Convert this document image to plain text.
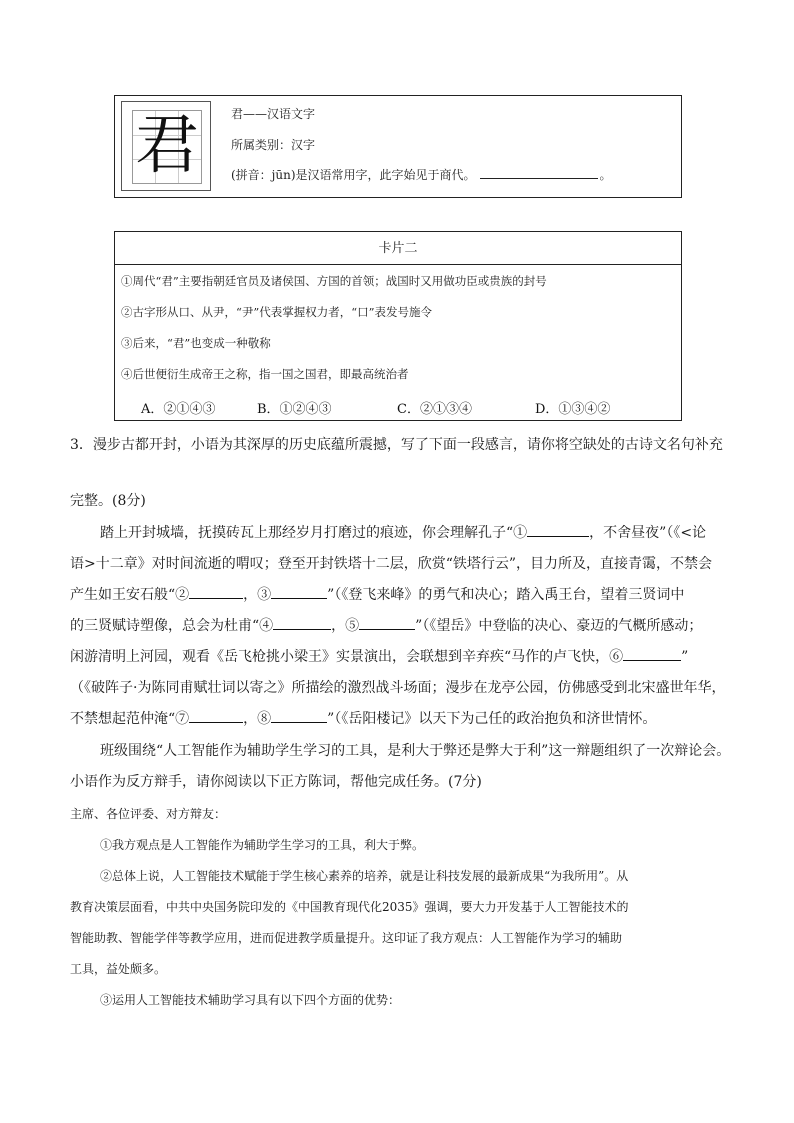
君	君——汉语文字
所属类别：汉字
(拼音：jūn)是汉语常用字，此字始见于商代。	。
卡片二
①周代“君”主要指朝廷官员及诸侯国、方国的首领；战国时又用做功臣或贵族的封号
②古字形从口、从尹，“尹”代表掌握权力者，“口”表发号施令
③后来，“君”也变成一种敬称
④后世便衍生成帝王之称，指一国之国君，即最高统治者
A．②①④③	B．①②④③	C．②①③④	D．①③④②
3．漫步古都开封，小语为其深厚的历史底蕴所震撼，写了下面一段感言，请你将空缺处的古诗文名句补充
完整。(8分)
踏上开封城墙，抚摸砖瓦上那经岁月打磨过的痕迹，你会理解孔子“①	，不舍昼夜”（《<论
语>十二章》对时间流逝的喟叹；登至开封铁塔十二层，欣赏“铁塔行云”，目力所及，直接青霭，不禁会
产生如王安石般“②	，③	”（《登飞来峰》的勇气和决心；踏入禹王台，望着三贤词中
的三贤赋诗塑像，总会为杜甫“④	，⑤	”（《望岳》中登临的决心、豪迈的气概所感动；
闲游清明上河园，观看《岳飞枪挑小梁王》实景演出，会联想到辛弃疾“马作的卢飞快，⑥	”
（《破阵子·为陈同甫赋壮词以寄之》所描绘的激烈战斗场面；漫步在龙亭公园，仿佛感受到北宋盛世年华，
不禁想起范仲淹“⑦	，⑧	”（《岳阳楼记》以天下为己任的政治抱负和济世情怀。
班级围绕“人工智能作为辅助学生学习的工具，是利大于弊还是弊大于利”这一辩题组织了一次辩论会。
小语作为反方辩手，请你阅读以下正方陈词，帮他完成任务。(7分)
主席、各位评委、对方辩友：
①我方观点是人工智能作为辅助学生学习的工具，利大于弊。
②总体上说，人工智能技术赋能于学生核心素养的培养，就是让科技发展的最新成果“为我所用”。从
教育决策层面看，中共中央国务院印发的《中国教育现代化2035》强调，要大力开发基于人工智能技术的
智能助教、智能学伴等教学应用，进而促进教学质量提升。这印证了我方观点：人工智能作为学习的辅助
工具，益处颇多。
③运用人工智能技术辅助学习具有以下四个方面的优势：
